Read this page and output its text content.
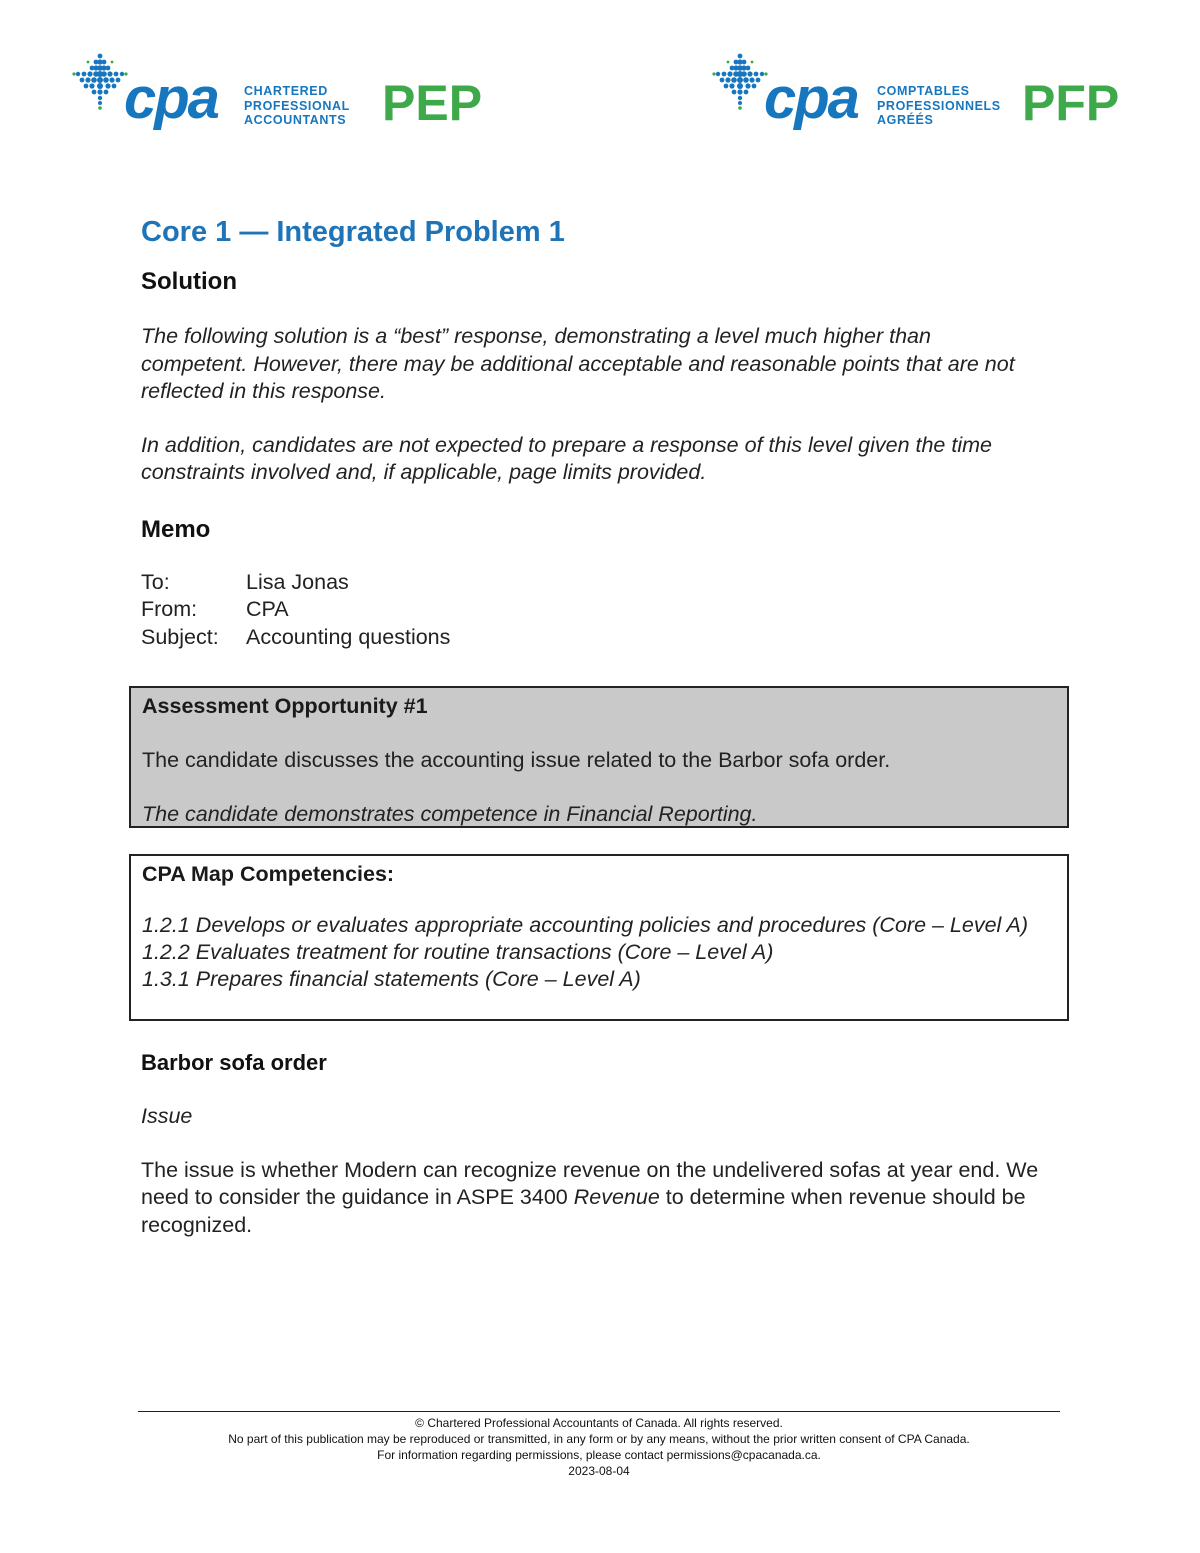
cpa CHARTERED
PROFESSIONAL
ACCOUNTANTS PEP	cpa COMPTABLES
PROFESSIONNELS
AGRÉÉS	PFP
Core 1 — Integrated Problem 1
Solution

The following solution is a “best” response, demonstrating a level much higher than competent. However, there may be additional acceptable and reasonable points that are not reflected in this response.

In addition, candidates are not expected to prepare a response of this level given the time constraints involved and, if applicable, page limits provided.

Memo
To:	Lisa Jonas
From:	CPA
Subject:	Accounting questions

Assessment Opportunity #1

The candidate discusses the accounting issue related to the Barbor sofa order.

The candidate demonstrates competence in Financial Reporting.

CPA Map Competencies:

1.2.1 Develops or evaluates appropriate accounting policies and procedures (Core – Level A)

1.2.2 Evaluates treatment for routine transactions (Core – Level A)

1.3.1 Prepares financial statements (Core – Level A)

Barbor sofa order

Issue

The issue is whether Modern can recognize revenue on the undelivered sofas at year end. We need to consider the guidance in ASPE 3400 Revenue to determine when revenue should be recognized.

© Chartered Professional Accountants of Canada. All rights reserved.
No part of this publication may be reproduced or transmitted, in any form or by any means, without the prior written consent of CPA Canada.
For information regarding permissions, please contact permissions@cpacanada.ca.
2023-08-04
